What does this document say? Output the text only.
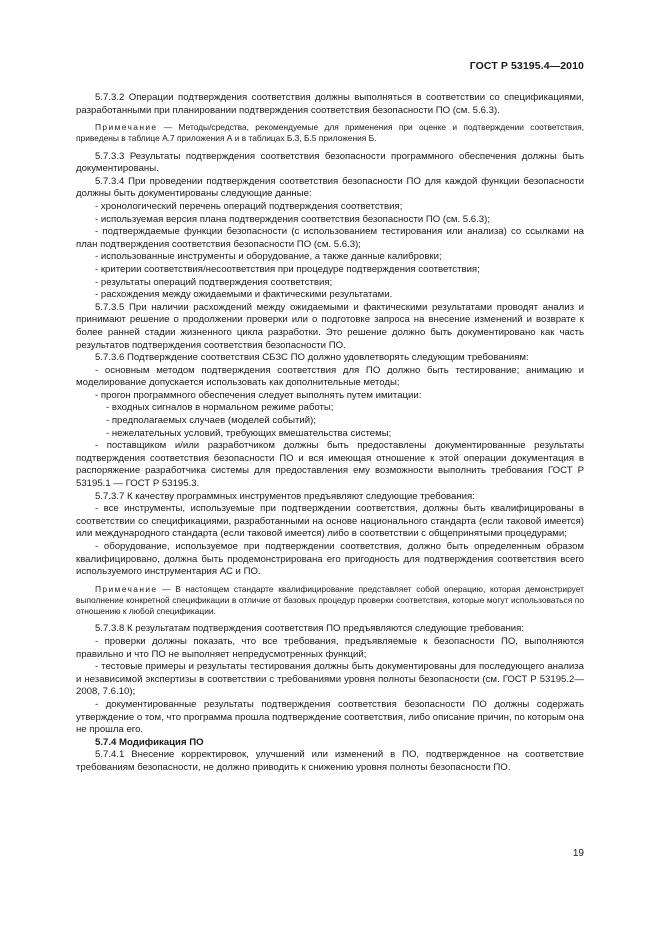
ГОСТ Р 53195.4—2010

5.7.3.2 Операции подтверждения соответствия должны выполняться в соответствии со спецификациями, разработанными при планировании подтверждения соответствия безопасности ПО (см. 5.6.3).

Примечание — Методы/средства, рекомендуемые для применения при оценке и подтверждении соответствия, приведены в таблице А.7 приложения А и в таблицах Б.3, Б.5 приложения Б.

5.7.3.3 Результаты подтверждения соответствия безопасности программного обеспечения должны быть документированы.

5.7.3.4 При проведении подтверждения соответствия безопасности ПО для каждой функции безопасности должны быть документированы следующие данные:

- хронологический перечень операций подтверждения соответствия;

- используемая версия плана подтверждения соответствия безопасности ПО (см. 5.6.3);

- подтверждаемые функции безопасности (с использованием тестирования или анализа) со ссылками на план подтверждения соответствия безопасности ПО (см. 5.6.3);

- использованные инструменты и оборудование, а также данные калибровки;

- критерии соответствия/несоответствия при процедуре подтверждения соответствия;

- результаты операций подтверждения соответствия;

- расхождения между ожидаемыми и фактическими результатами.

5.7.3.5 При наличии расхождений между ожидаемыми и фактическими результатами проводят анализ и принимают решение о продолжении проверки или о подготовке запроса на внесение изменений и возврате к более ранней стадии жизненного цикла разработки. Это решение должно быть документировано как часть результатов подтверждения соответствия безопасности ПО.

5.7.3.6 Подтверждение соответствия СБЗС ПО должно удовлетворять следующим требованиям:

- основным методом подтверждения соответствия для ПО должно быть тестирование; анимацию и моделирование допускается использовать как дополнительные методы;

- прогон программного обеспечения следует выполнять путем имитации:

- входных сигналов в нормальном режиме работы;

- предполагаемых случаев (моделей событий);

- нежелательных условий, требующих вмешательства системы;

- поставщиком и/или разработчиком должны быть предоставлены документированные результаты подтверждения соответствия безопасности ПО и вся имеющая отношение к этой операции документация в распоряжение разработчика системы для предоставления ему возможности выполнить требования ГОСТ Р 53195.1 — ГОСТ Р 53195.3.

5.7.3.7 К качеству программных инструментов предъявляют следующие требования:

- все инструменты, используемые при подтверждении соответствия, должны быть квалифицированы в соответствии со спецификациями, разработанными на основе национального стандарта (если таковой имеется) или международного стандарта (если таковой имеется) либо в соответствии с общепринятыми процедурами;

- оборудование, используемое при подтверждении соответствия, должно быть определенным образом квалифицировано, должна быть продемонстрирована его пригодность для подтверждения соответствия всего используемого инструментария АС и ПО.

Примечание — В настоящем стандарте квалифицирование представляет собой операцию, которая демонстрирует выполнение конкретной спецификации в отличие от базовых процедур проверки соответствия, которые могут использоваться по отношению к любой спецификации.

5.7.3.8 К результатам подтверждения соответствия ПО предъявляются следующие требования:

- проверки должны показать, что все требования, предъявляемые к безопасности ПО, выполняются правильно и что ПО не выполняет непредусмотренных функций;

- тестовые примеры и результаты тестирования должны быть документированы для последующего анализа и независимой экспертизы в соответствии с требованиями уровня полноты безопасности (см. ГОСТ Р 53195.2—2008, 7.6.10);

- документированные результаты подтверждения соответствия безопасности ПО должны содержать утверждение о том, что программа прошла подтверждение соответствия, либо описание причин, по которым она не прошла его.

5.7.4 Модификация ПО

5.7.4.1 Внесение корректировок, улучшений или изменений в ПО, подтвержденное на соответствие требованиям безопасности, не должно приводить к снижению уровня полноты безопасности ПО.

19
